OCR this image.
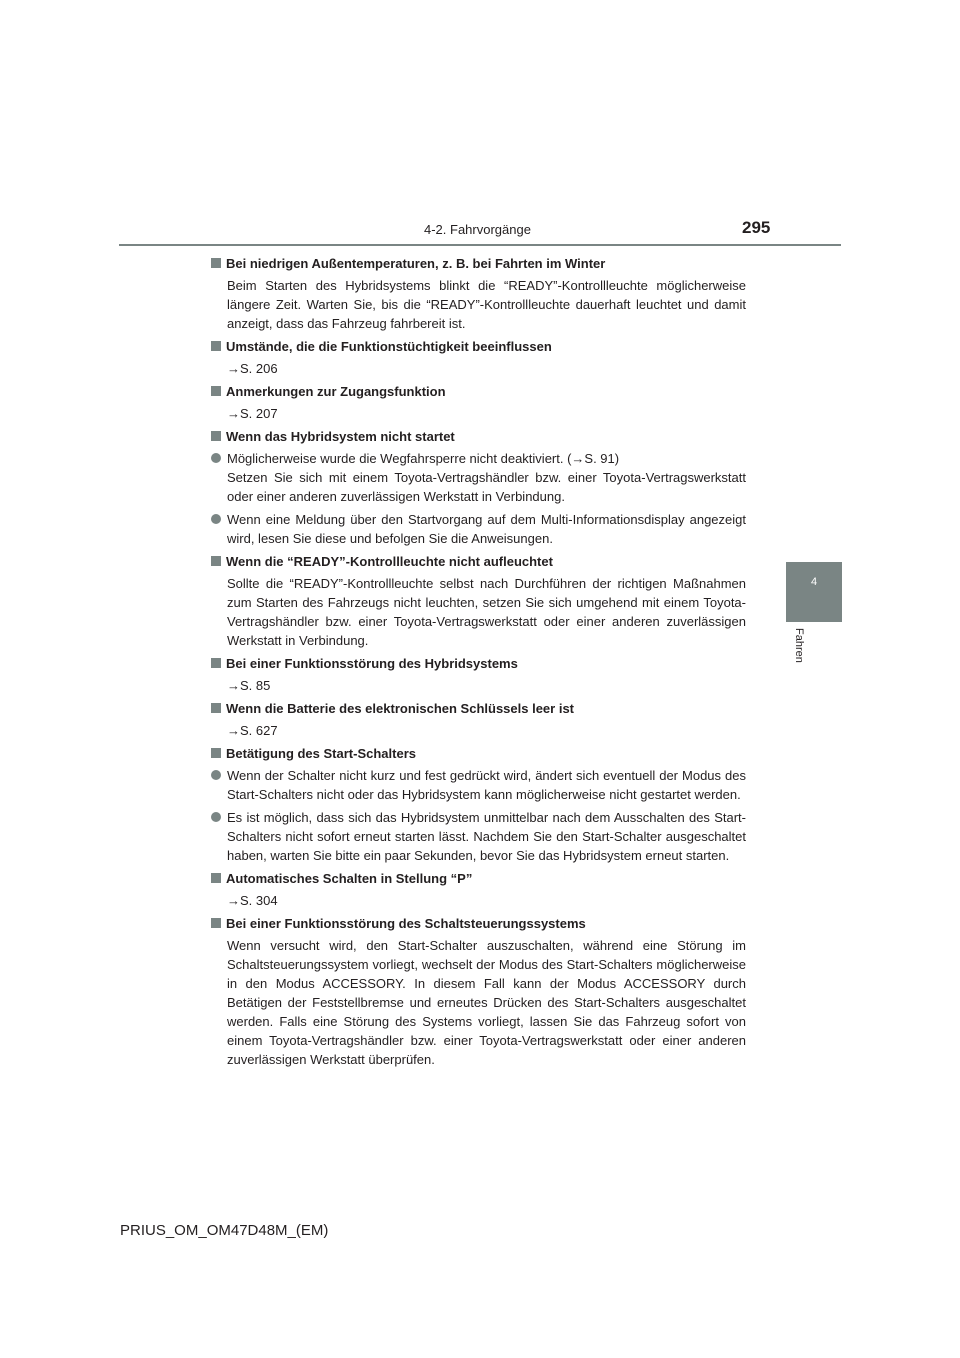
4-2. Fahrvorgänge	295
4
Fahren
Bei niedrigen Außentemperaturen, z. B. bei Fahrten im Winter
Beim Starten des Hybridsystems blinkt die “READY”-Kontrollleuchte möglicherweise längere Zeit. Warten Sie, bis die “READY”-Kontrollleuchte dauerhaft leuchtet und damit anzeigt, dass das Fahrzeug fahrbereit ist.
Umstände, die die Funktionstüchtigkeit beeinflussen
→S. 206
Anmerkungen zur Zugangsfunktion
→S. 207
Wenn das Hybridsystem nicht startet
Möglicherweise wurde die Wegfahrsperre nicht deaktiviert. (→S. 91)
Setzen Sie sich mit einem Toyota-Vertragshändler bzw. einer Toyota-Vertragswerkstatt oder einer anderen zuverlässigen Werkstatt in Verbindung.
Wenn eine Meldung über den Startvorgang auf dem Multi-Informationsdisplay angezeigt wird, lesen Sie diese und befolgen Sie die Anweisungen.
Wenn die “READY”-Kontrollleuchte nicht aufleuchtet
Sollte die “READY”-Kontrollleuchte selbst nach Durchführen der richtigen Maßnahmen zum Starten des Fahrzeugs nicht leuchten, setzen Sie sich umgehend mit einem Toyota-Vertragshändler bzw. einer Toyota-Vertragswerkstatt oder einer anderen zuverlässigen Werkstatt in Verbindung.
Bei einer Funktionsstörung des Hybridsystems
→S. 85
Wenn die Batterie des elektronischen Schlüssels leer ist
→S. 627
Betätigung des Start-Schalters
Wenn der Schalter nicht kurz und fest gedrückt wird, ändert sich eventuell der Modus des Start-Schalters nicht oder das Hybridsystem kann möglicherweise nicht gestartet werden.
Es ist möglich, dass sich das Hybridsystem unmittelbar nach dem Ausschalten des Start-Schalters nicht sofort erneut starten lässt. Nachdem Sie den Start-Schalter ausgeschaltet haben, warten Sie bitte ein paar Sekunden, bevor Sie das Hybridsystem erneut starten.
Automatisches Schalten in Stellung “P”
→S. 304
Bei einer Funktionsstörung des Schaltsteuerungssystems
Wenn versucht wird, den Start-Schalter auszuschalten, während eine Störung im Schaltsteuerungssystem vorliegt, wechselt der Modus des Start-Schalters möglicherweise in den Modus ACCESSORY. In diesem Fall kann der Modus ACCESSORY durch Betätigen der Feststellbremse und erneutes Drücken des Start-Schalters ausgeschaltet werden. Falls eine Störung des Systems vorliegt, lassen Sie das Fahrzeug sofort von einem Toyota-Vertragshändler bzw. einer Toyota-Vertragswerkstatt oder einer anderen zuverlässigen Werkstatt überprüfen.
PRIUS_OM_OM47D48M_(EM)
